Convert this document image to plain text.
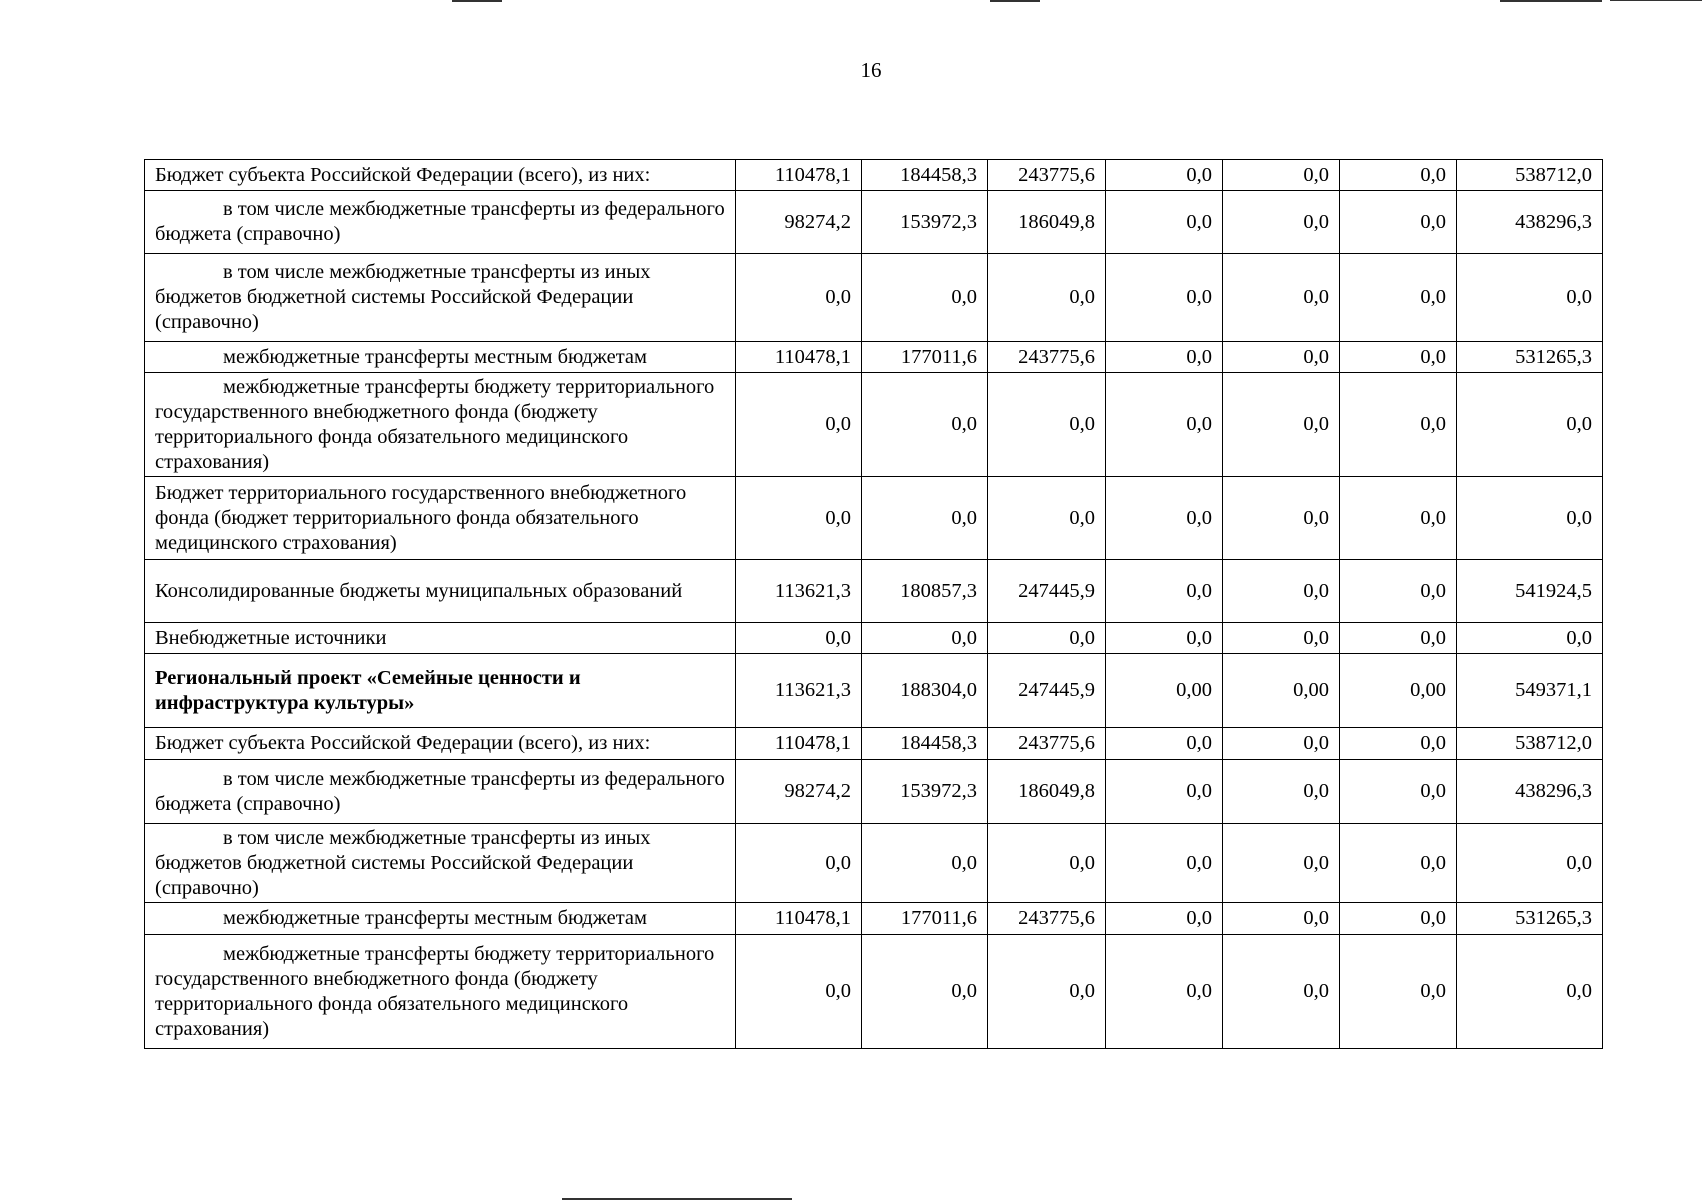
16
Бюджет субъекта Российской Федерации (всего), из них:	110478,1	184458,3	243775,6	0,0	0,0	0,0	538712,0

в том числе межбюджетные трансферты из федерального бюджета (справочно)	98274,2	153972,3	186049,8	0,0	0,0	0,0	438296,3

в том числе межбюджетные трансферты из иных бюджетов бюджетной системы Российской Федерации (справочно)	0,0	0,0	0,0	0,0	0,0	0,0	0,0

межбюджетные трансферты местным бюджетам	110478,1	177011,6	243775,6	0,0	0,0	0,0	531265,3

межбюджетные трансферты бюджету территориального государственного внебюджетного фонда (бюджету территориального фонда обязательного медицинского страхования)	0,0	0,0	0,0	0,0	0,0	0,0	0,0
Бюджет территориального государственного внебюджетного фонда (бюджет территориального фонда обязательного медицинского страхования)	0,0	0,0	0,0	0,0	0,0	0,0	0,0
Консолидированные бюджеты муниципальных образований	113621,3	180857,3	247445,9	0,0	0,0	0,0	541924,5
Внебюджетные источники	0,0	0,0	0,0	0,0	0,0	0,0	0,0
Региональный проект «Семейные ценности и инфраструктура культуры»	113621,3	188304,0	247445,9	0,00	0,00	0,00	549371,1
Бюджет субъекта Российской Федерации (всего), из них:	110478,1	184458,3	243775,6	0,0	0,0	0,0	538712,0

в том числе межбюджетные трансферты из федерального бюджета (справочно)	98274,2	153972,3	186049,8	0,0	0,0	0,0	438296,3

в том числе межбюджетные трансферты из иных бюджетов бюджетной системы Российской Федерации (справочно)	0,0	0,0	0,0	0,0	0,0	0,0	0,0

межбюджетные трансферты местным бюджетам	110478,1	177011,6	243775,6	0,0	0,0	0,0	531265,3

межбюджетные трансферты бюджету территориального государственного внебюджетного фонда (бюджету территориального фонда обязательного медицинского страхования)	0,0	0,0	0,0	0,0	0,0	0,0	0,0
